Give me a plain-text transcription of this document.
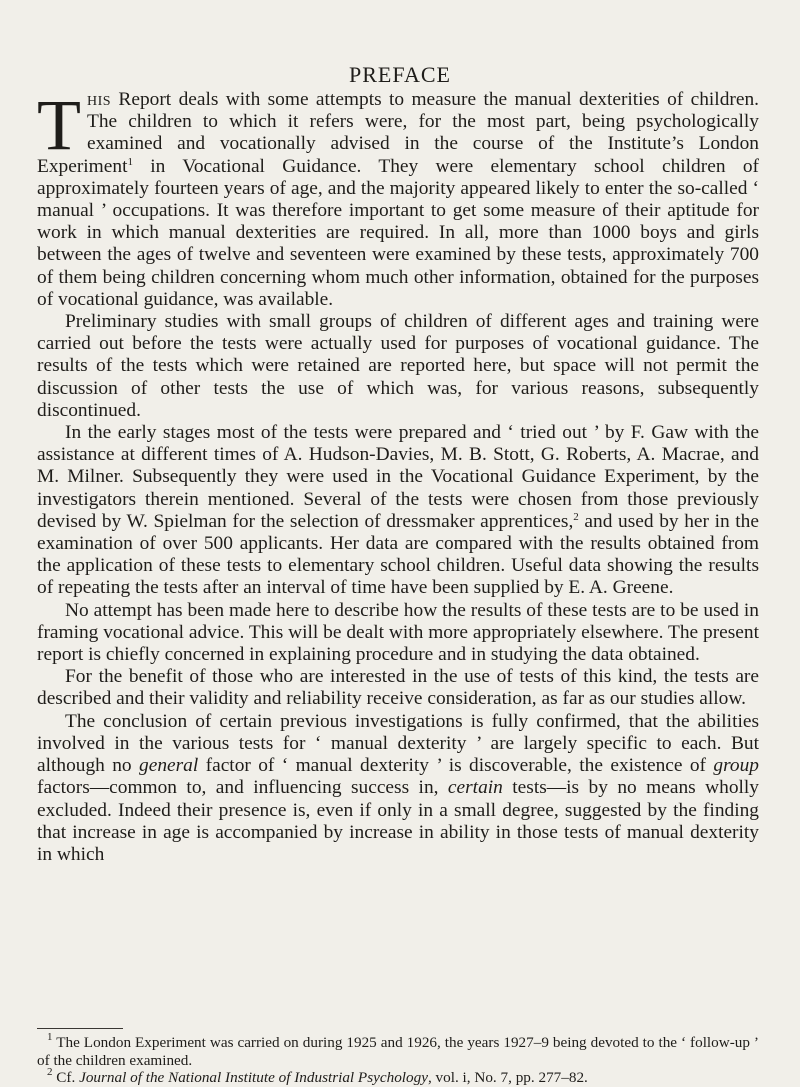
PREFACE

This Report deals with some attempts to measure the manual dexterities of children. The children to which it refers were, for the most part, being psychologically examined and vocationally advised in the course of the Institute’s London Experiment$^1$ in Vocational Guidance. They were elementary school children of approximately fourteen years of age, and the majority appeared likely to enter the so-called ‘ manual ’ occupations. It was therefore important to get some measure of their aptitude for work in which manual dexterities are required. In all, more than 1000 boys and girls between the ages of twelve and seventeen were examined by these tests, approximately 700 of them being children concerning whom much other information, obtained for the purposes of vocational guidance, was available.

Preliminary studies with small groups of children of different ages and training were carried out before the tests were actually used for purposes of vocational guidance. The results of the tests which were retained are reported here, but space will not permit the discussion of other tests the use of which was, for various reasons, subsequently discontinued.

In the early stages most of the tests were prepared and ‘ tried out ’ by F. Gaw with the assistance at different times of A. Hudson-Davies, M. B. Stott, G. Roberts, A. Macrae, and M. Milner. Subsequently they were used in the Vocational Guidance Experiment, by the investigators therein mentioned. Several of the tests were chosen from those previously devised by W. Spielman for the selection of dressmaker apprentices,$^2$ and used by her in the examination of over 500 applicants. Her data are compared with the results obtained from the application of these tests to elementary school children. Useful data showing the results of repeating the tests after an interval of time have been supplied by E. A. Greene.

No attempt has been made here to describe how the results of these tests are to be used in framing vocational advice. This will be dealt with more appropriately elsewhere. The present report is chiefly concerned in explaining procedure and in studying the data obtained.

For the benefit of those who are interested in the use of tests of this kind, the tests are described and their validity and reliability receive consideration, as far as our studies allow.

The conclusion of certain previous investigations is fully confirmed, that the abilities involved in the various tests for ‘ manual dexterity ’ are largely specific to each. But although no general factor of ‘ manual dexterity ’ is discoverable, the existence of group factors—common to, and influencing success in, certain tests—is by no means wholly excluded. Indeed their presence is, even if only in a small degree, suggested by the finding that increase in age is accompanied by increase in ability in those tests of manual dexterity in which

$^1$ The London Experiment was carried on during 1925 and 1926, the years 1927–9 being devoted to the ‘ follow-up ’ of the children examined.

$^2$ Cf. Journal of the National Institute of Industrial Psychology, vol. i, No. 7, pp. 277–82.
